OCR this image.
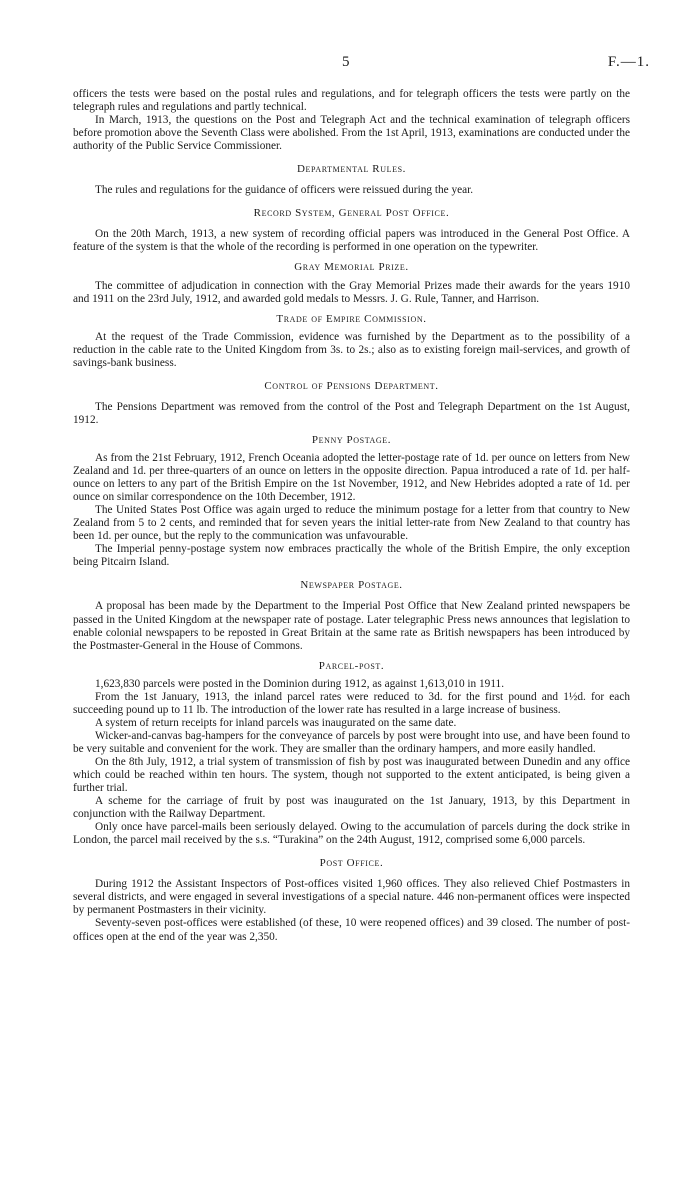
5	F.—1.

officers the tests were based on the postal rules and regulations, and for telegraph officers the tests were partly on the telegraph rules and regulations and partly technical.

In March, 1913, the questions on the Post and Telegraph Act and the technical examination of telegraph officers before promotion above the Seventh Class were abolished. From the 1st April, 1913, examinations are conducted under the authority of the Public Service Commissioner.

Departmental Rules.

The rules and regulations for the guidance of officers were reissued during the year.

Record System, General Post Office.

On the 20th March, 1913, a new system of recording official papers was introduced in the General Post Office. A feature of the system is that the whole of the recording is performed in one operation on the typewriter.

Gray Memorial Prize.

The committee of adjudication in connection with the Gray Memorial Prizes made their awards for the years 1910 and 1911 on the 23rd July, 1912, and awarded gold medals to Messrs. J. G. Rule, Tanner, and Harrison.

Trade of Empire Commission.

At the request of the Trade Commission, evidence was furnished by the Department as to the possibility of a reduction in the cable rate to the United Kingdom from 3s. to 2s.; also as to existing foreign mail-services, and growth of savings-bank business.

Control of Pensions Department.

The Pensions Department was removed from the control of the Post and Telegraph Department on the 1st August, 1912.

Penny Postage.

As from the 21st February, 1912, French Oceania adopted the letter-postage rate of 1d. per ounce on letters from New Zealand and 1d. per three-quarters of an ounce on letters in the opposite direction. Papua introduced a rate of 1d. per half-ounce on letters to any part of the British Empire on the 1st November, 1912, and New Hebrides adopted a rate of 1d. per ounce on similar correspondence on the 10th December, 1912.

The United States Post Office was again urged to reduce the minimum postage for a letter from that country to New Zealand from 5 to 2 cents, and reminded that for seven years the initial letter-rate from New Zealand to that country has been 1d. per ounce, but the reply to the communication was unfavourable.

The Imperial penny-postage system now embraces practically the whole of the British Empire, the only exception being Pitcairn Island.

Newspaper Postage.

A proposal has been made by the Department to the Imperial Post Office that New Zealand printed newspapers be passed in the United Kingdom at the newspaper rate of postage. Later telegraphic Press news announces that legislation to enable colonial newspapers to be reposted in Great Britain at the same rate as British newspapers has been introduced by the Postmaster-General in the House of Commons.

Parcel-post.

1,623,830 parcels were posted in the Dominion during 1912, as against 1,613,010 in 1911.

From the 1st January, 1913, the inland parcel rates were reduced to 3d. for the first pound and 1½d. for each succeeding pound up to 11 lb. The introduction of the lower rate has resulted in a large increase of business.

A system of return receipts for inland parcels was inaugurated on the same date.

Wicker-and-canvas bag-hampers for the conveyance of parcels by post were brought into use, and have been found to be very suitable and convenient for the work. They are smaller than the ordinary hampers, and more easily handled.

On the 8th July, 1912, a trial system of transmission of fish by post was inaugurated between Dunedin and any office which could be reached within ten hours. The system, though not supported to the extent anticipated, is being given a further trial.

A scheme for the carriage of fruit by post was inaugurated on the 1st January, 1913, by this Department in conjunction with the Railway Department.

Only once have parcel-mails been seriously delayed. Owing to the accumulation of parcels during the dock strike in London, the parcel mail received by the s.s. “Turakina” on the 24th August, 1912, comprised some 6,000 parcels.

Post Office.

During 1912 the Assistant Inspectors of Post-offices visited 1,960 offices. They also relieved Chief Postmasters in several districts, and were engaged in several investigations of a special nature. 446 non-permanent offices were inspected by permanent Postmasters in their vicinity.

Seventy-seven post-offices were established (of these, 10 were reopened offices) and 39 closed. The number of post-offices open at the end of the year was 2,350.
